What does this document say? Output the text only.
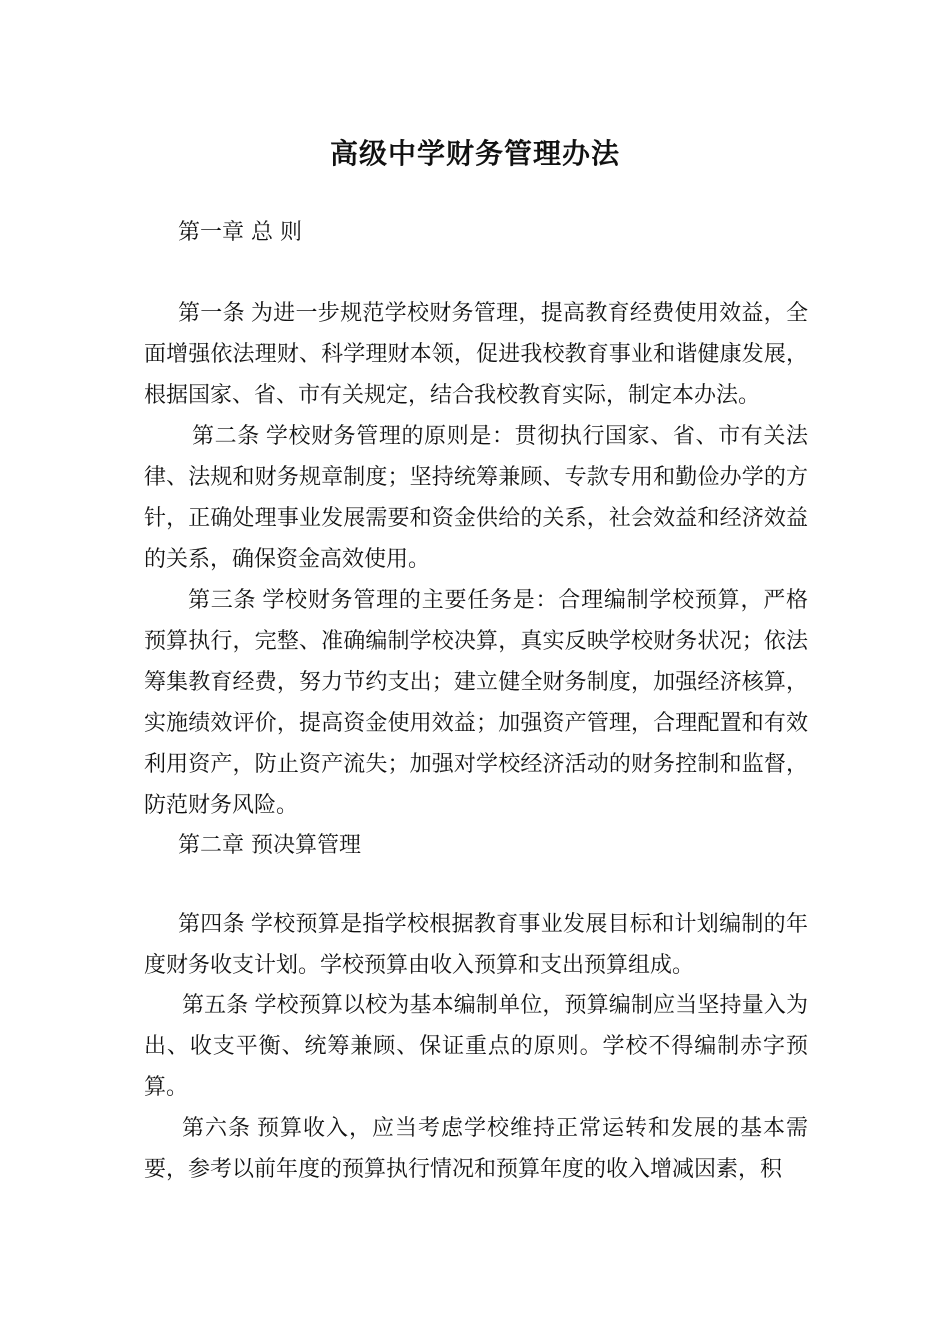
高级中学财务管理办法

第一章 总 则

第一条 为进一步规范学校财务管理，提高教育经费使用效益，全面增强依法理财、科学理财本领，促进我校教育事业和谐健康发展，根据国家、省、市有关规定，结合我校教育实际，制定本办法。

第二条 学校财务管理的原则是：贯彻执行国家、省、市有关法律、法规和财务规章制度；坚持统筹兼顾、专款专用和勤俭办学的方针，正确处理事业发展需要和资金供给的关系，社会效益和经济效益的关系，确保资金高效使用。

第三条 学校财务管理的主要任务是：合理编制学校预算，严格预算执行，完整、准确编制学校决算，真实反映学校财务状况；依法筹集教育经费，努力节约支出；建立健全财务制度，加强经济核算，实施绩效评价，提高资金使用效益；加强资产管理，合理配置和有效利用资产，防止资产流失；加强对学校经济活动的财务控制和监督，防范财务风险。

第二章 预决算管理

第四条 学校预算是指学校根据教育事业发展目标和计划编制的年度财务收支计划。学校预算由收入预算和支出预算组成。

第五条 学校预算以校为基本编制单位，预算编制应当坚持量入为出、收支平衡、统筹兼顾、保证重点的原则。学校不得编制赤字预算。

第六条 预算收入，应当考虑学校维持正常运转和发展的基本需要，参考以前年度的预算执行情况和预算年度的收入增减因素，积
